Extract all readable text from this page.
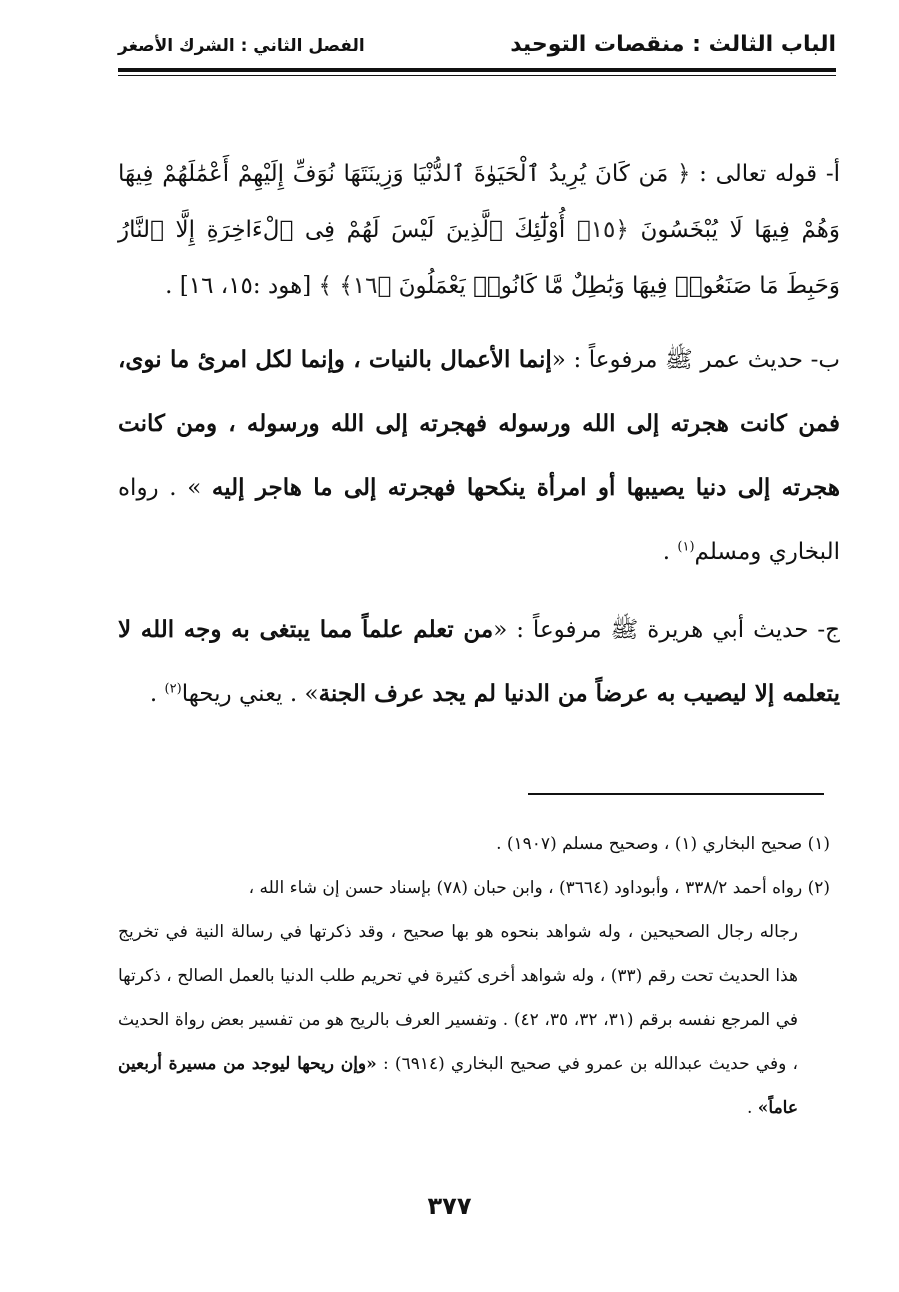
الباب الثالث : منقصات التوحيد
الفصل الثاني : الشرك الأصغر

أ- قوله تعالى : ﴿ مَن كَانَ يُرِيدُ ٱلْحَيَوٰةَ ٱلدُّنْيَا وَزِينَتَهَا نُوَفِّ إِلَيْهِمْ أَعْمَٰلَهُمْ فِيهَا وَهُمْ فِيهَا لَا يُبْخَسُونَ ﴿١٥﴾ أُوْلَٰٓئِكَ ٱلَّذِينَ لَيْسَ لَهُمْ فِى ٱلْءَاخِرَةِ إِلَّا ٱلنَّارُ وَحَبِطَ مَا صَنَعُوا۟ فِيهَا وَبَٰطِلٌ مَّا كَانُوا۟ يَعْمَلُونَ ﴿١٦﴾ ﴾ [هود :١٥، ١٦] .

ب- حديث عمر ﷺ مرفوعاً : «إنما الأعمال بالنيات ، وإنما لكل امرئ ما نوى، فمن كانت هجرته إلى الله ورسوله فهجرته إلى الله ورسوله ، ومن كانت هجرته إلى دنيا يصيبها أو امرأة ينكحها فهجرته إلى ما هاجر إليه » . رواه البخاري ومسلم$^{(١)}$ .

ج- حديث أبي هريرة ﷺ مرفوعاً : «من تعلم علماً مما يبتغى به وجه الله لا يتعلمه إلا ليصيب به عرضاً من الدنيا لم يجد عرف الجنة» . يعني ريحها$^{(٢)}$ .

(١) صحيح البخاري (١) ، وصحيح مسلم (١٩٠٧) .

(٢) رواه أحمد ٣٣٨/٢ ، وأبوداود (٣٦٦٤) ، وابن حبان (٧٨) بإسناد حسن إن شاء الله ،

رجاله رجال الصحيحين ، وله شواهد بنحوه هو بها صحيح ، وقد ذكرتها في رسالة النية في تخريج هذا الحديث تحت رقم (٣٣) ، وله شواهد أخرى كثيرة في تحريم طلب الدنيا بالعمل الصالح ، ذكرتها في المرجع نفسه برقم (٣١، ٣٢، ٣٥، ٤٢) . وتفسير العرف بالريح هو من تفسير بعض رواة الحديث ، وفي حديث عبدالله بن عمرو في صحيح البخاري (٦٩١٤) : «وإن ريحها ليوجد من مسيرة أربعين عاماً» .

٣٧٧
